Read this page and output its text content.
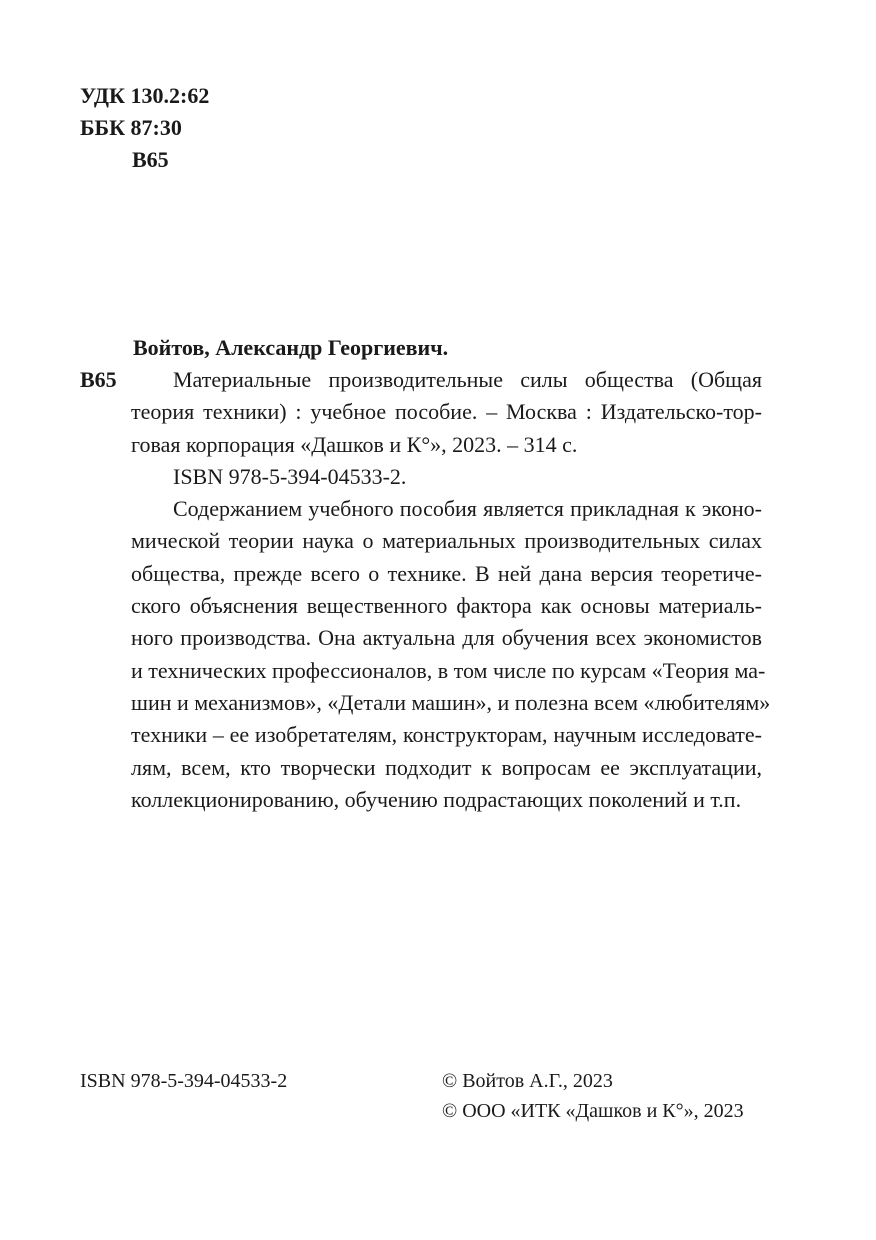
УДК 130.2:62
ББК 87:30
В65
Войтов, Александр Георгиевич.
В65	Материальные производительные силы общества (Общая
теория техники) : учебное пособие. – Москва : Издательско-тор-
говая корпорация «Дашков и К°», 2023. – 314 с.
ISBN 978-5-394-04533-2.
Содержанием учебного пособия является прикладная к эконо-
мической теории наука о материальных производительных силах
общества, прежде всего о технике. В ней дана версия теоретиче-
ского объяснения вещественного фактора как основы материаль-
ного производства. Она актуальна для обучения всех экономистов
и технических профессионалов, в том числе по курсам «Теория ма-
шин и механизмов», «Детали машин», и полезна всем «любителям»
техники – ее изобретателям, конструкторам, научным исследовате-
лям, всем, кто творчески подходит к вопросам ее эксплуатации,
коллекционированию, обучению подрастающих поколений и т.п.
ISBN 978-5-394-04533-2	© Войтов А.Г., 2023
© ООО «ИТК «Дашков и К°», 2023
